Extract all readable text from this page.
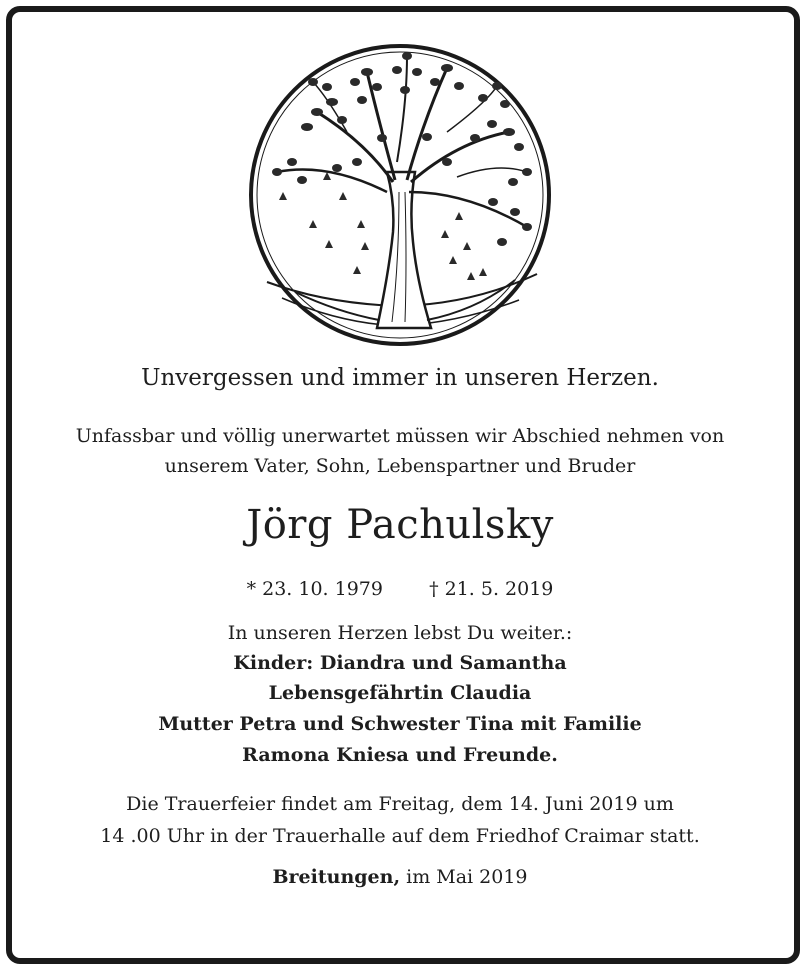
Unvergessen und immer in unseren Herzen.
Unfassbar und völlig unerwartet müssen wir Abschied nehmen von
unserem Vater, Sohn, Lebenspartner und Bruder
Jörg Pachulsky
* 23. 10. 1979 † 21. 5. 2019
In unseren Herzen lebst Du weiter.:
Kinder: Diandra und Samantha
Lebensgefährtin Claudia
Mutter Petra und Schwester Tina mit Familie
Ramona Kniesa und Freunde.
Die Trauerfeier findet am Freitag, dem 14. Juni 2019 um
14 .00 Uhr in der Trauerhalle auf dem Friedhof Craimar statt.
Breitungen, im Mai 2019
